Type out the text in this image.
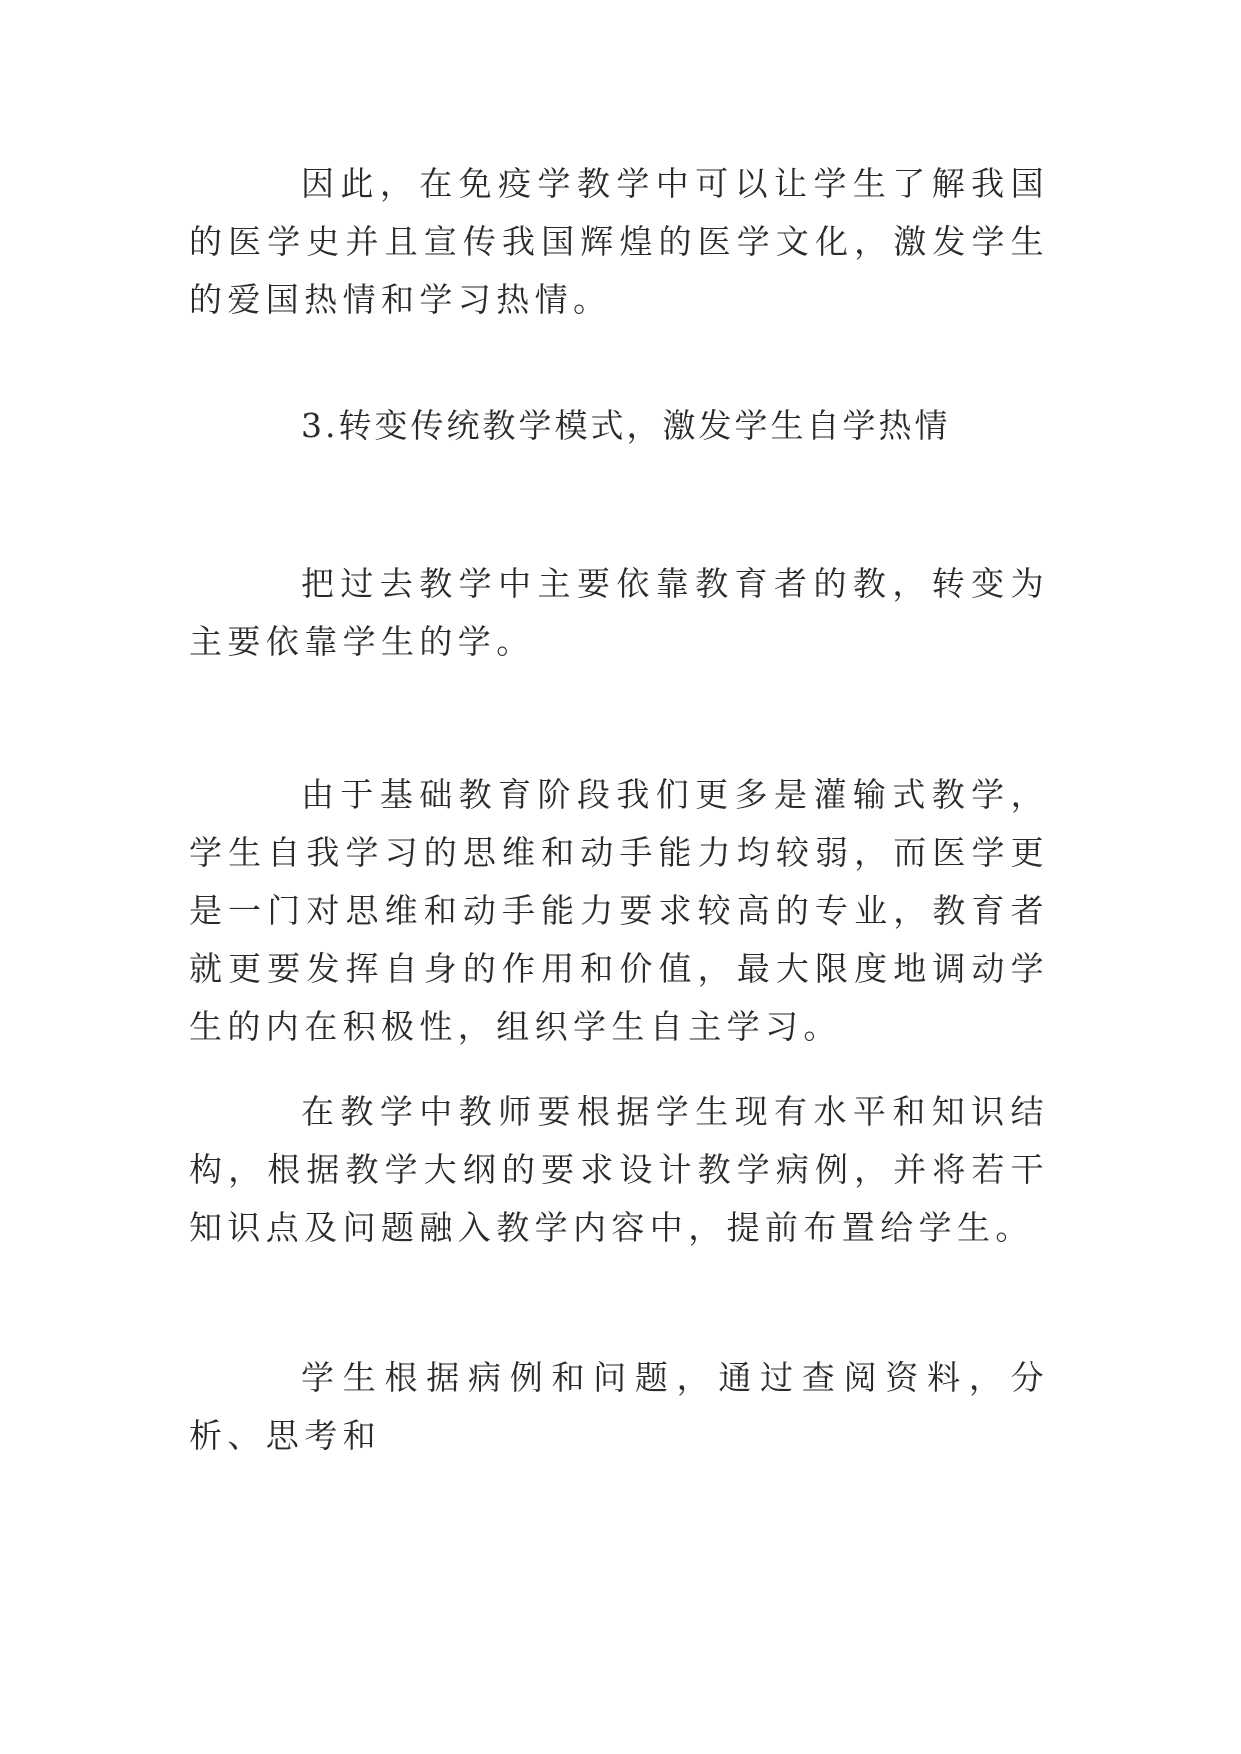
因此，在免疫学教学中可以让学生了解我国的医学史并且宣传我国辉煌的医学文化，激发学生的爱国热情和学习热情。

3.转变传统教学模式，激发学生自学热情

把过去教学中主要依靠教育者的教，转变为主要依靠学生的学。

由于基础教育阶段我们更多是灌输式教学，学生自我学习的思维和动手能力均较弱，而医学更是一门对思维和动手能力要求较高的专业，教育者就更要发挥自身的作用和价值，最大限度地调动学生的内在积极性，组织学生自主学习。

在教学中教师要根据学生现有水平和知识结构，根据教学大纲的要求设计教学病例，并将若干知识点及问题融入教学内容中，提前布置给学生。

学生根据病例和问题，通过查阅资料，分析、思考和
